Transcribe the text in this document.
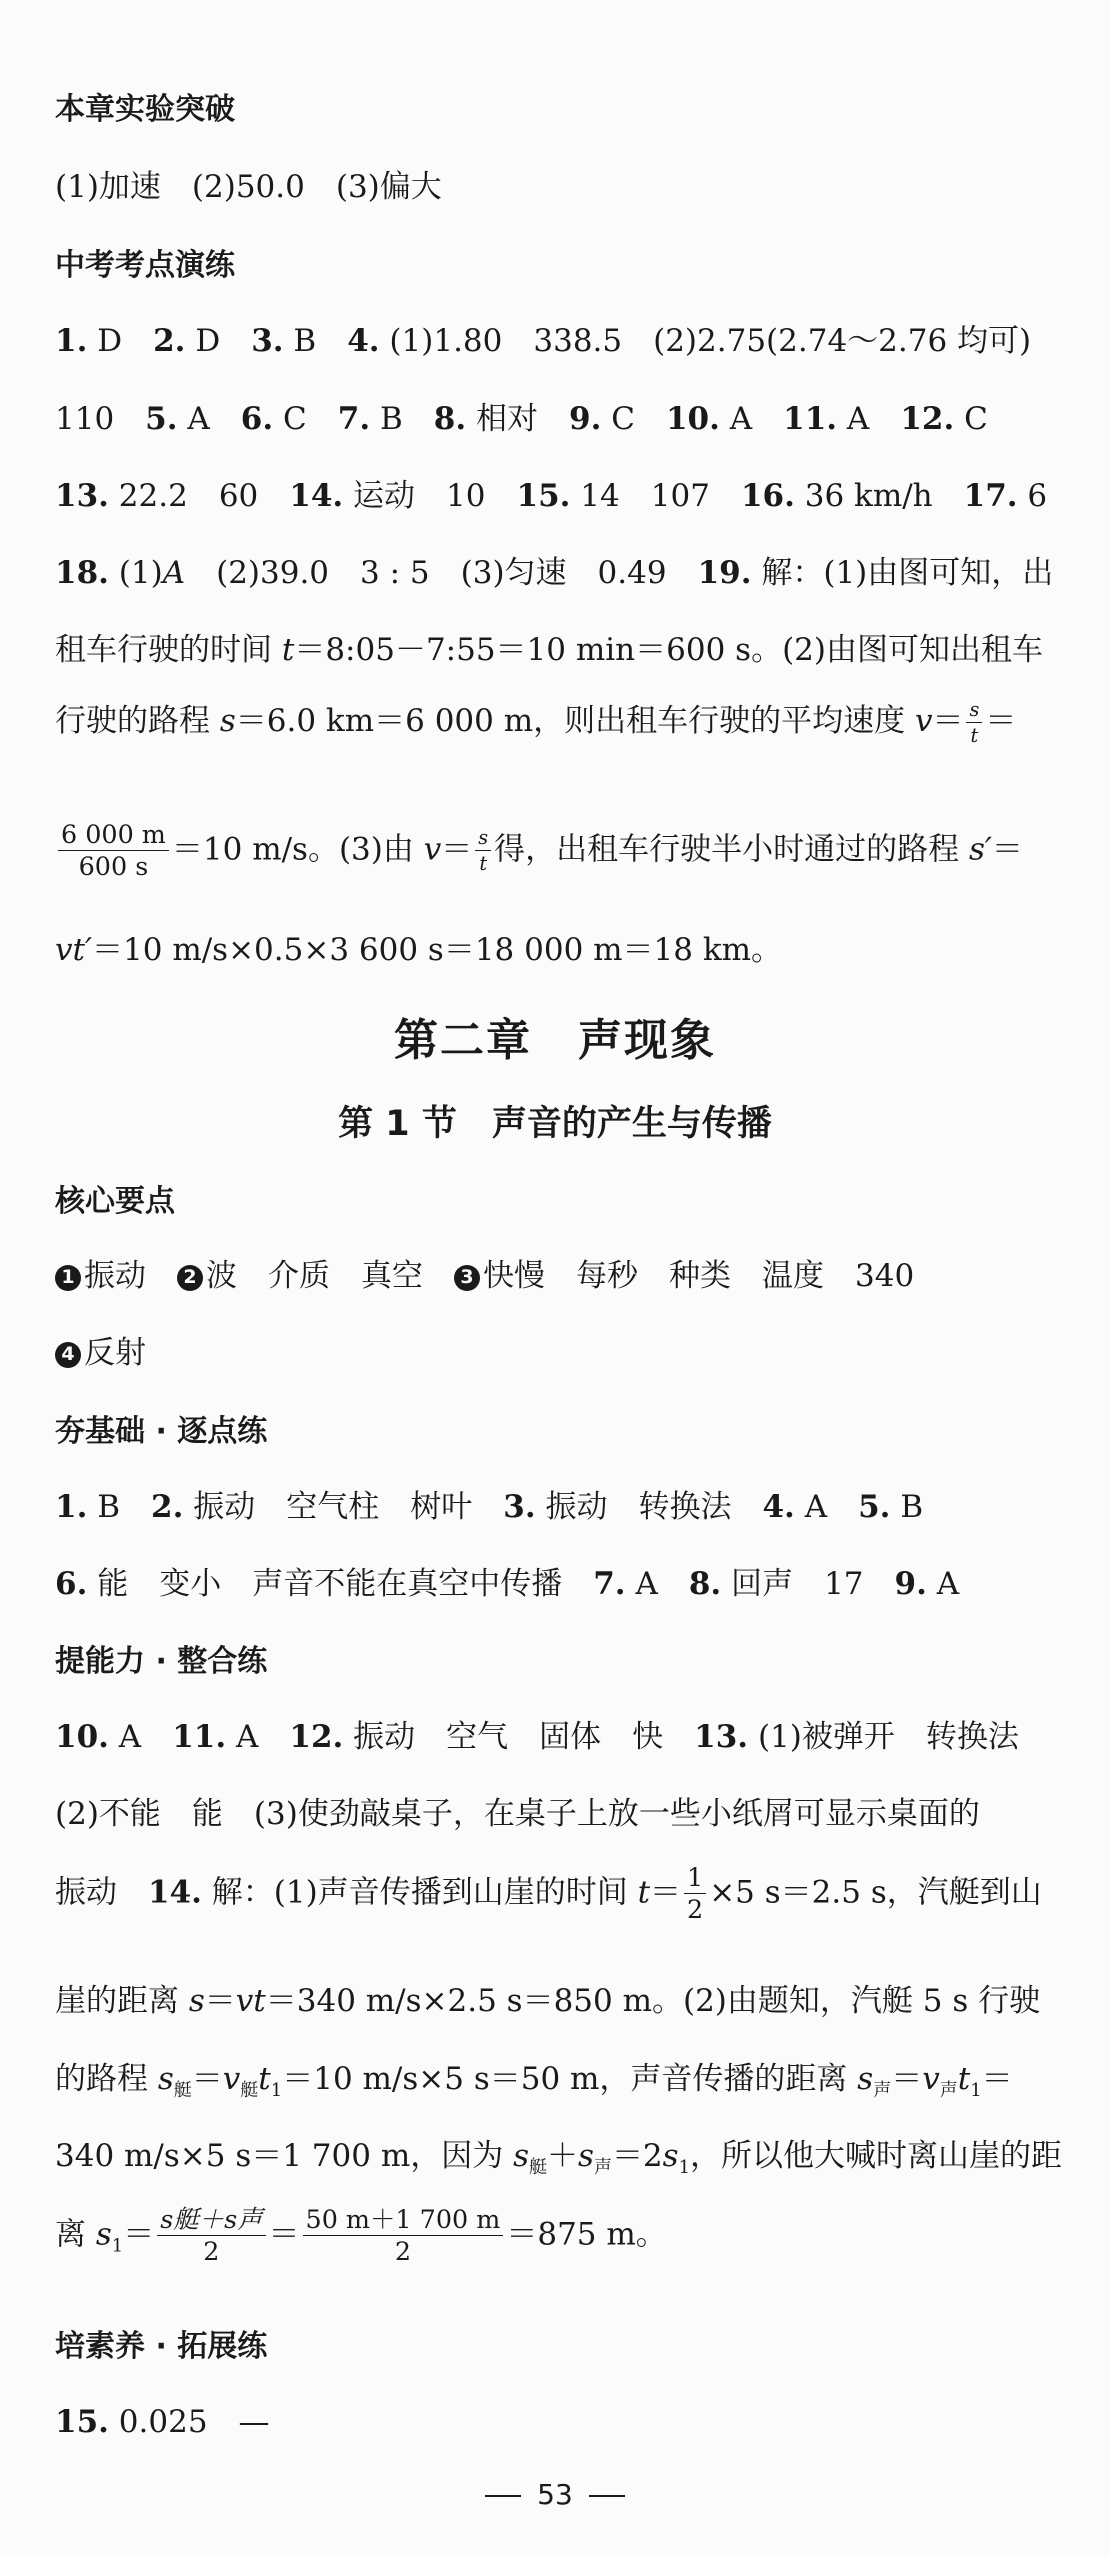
本章实验突破
(1)加速　(2)50.0　(3)偏大
中考考点演练
1. D　2. D　3. B　4. (1)1.80　338.5　(2)2.75(2.74～2.76 均可)
110　5. A　6. C　7. B　8. 相对　9. C　10. A　11. A　12. C
13. 22.2　60　14. 运动　10　15. 14　107　16. 36 km/h　17. 6
18. (1)A　(2)39.0　3 : 5　(3)匀速　0.49　19. 解：(1)由图可知，出
租车行驶的时间 t＝8:05－7:55＝10 min＝600 s。(2)由图可知出租车
行驶的路程 s＝6.0 km＝6 000 m，则出租车行驶的平均速度 $v= \frac{s}{t}$ ＝
$\frac{6 000 m}{600 s} =10$ m/s。(3)由 $v= \frac{s}{t}$ 得，出租车行驶半小时通过的路程 s′＝
vt′＝10 m/s×0.5×3 600 s＝18 000 m＝18 km。
第二章　声现象
第 1 节　 声音的产生与传播
核心要点
1 振动　2 波　介质　真空　3 快慢　每秒　种类　温度　340
4 反射
夯基础 · 逐点练
1. B　2. 振动　空气柱　树叶　3. 振动　转换法　4. A　5. B
6. 能　变小　声音不能在真空中传播　7. A　8. 回声　17　9. A
提能力 · 整合练
10. A　11. A　12. 振动　空气　固体　快　13. (1)被弹开　转换法
(2)不能　能　(3)使劲敲桌子，在桌子上放一些小纸屑可显示桌面的
振动　14. 解：(1)声音传播到山崖的时间 $t= \frac{1}{2} \times 5$ s＝2.5 s，汽艇到山
崖的距离 s＝vt＝340 m/s×2.5 s＝850 m。(2)由题知，汽艇 5 s 行驶
的路程 $s_艇=v_艇t_1=10$ m/s×5 s＝50 m，声音传播的距离 $s_声=v_声t_1=$
340 m/s×5 s＝1 700 m，因为 $s_艇+s_声=2s_1$，所以他大喊时离山崖的距
离 $s_1= \frac{\text{s艇＋s声}}{2} = \frac{50 m+1 700 m}{2} =875$ m。
培素养 · 拓展练
15. 0.025　—
53
